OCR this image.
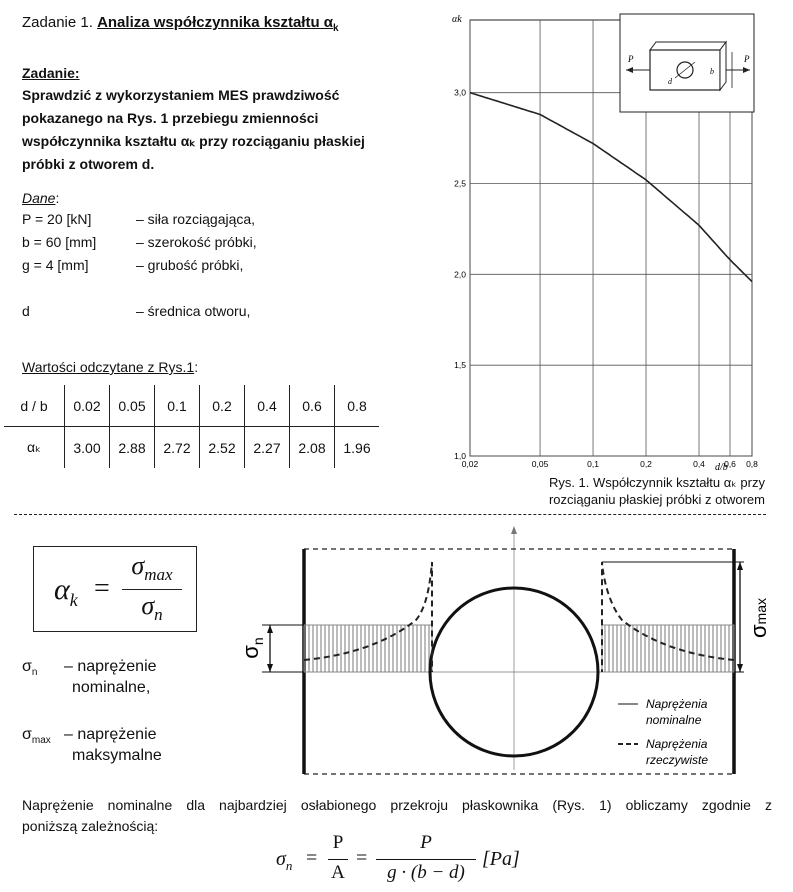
Zadanie 1. Analiza współczynnika kształtu $\alpha_k$
Zadanie:
Sprawdzić z wykorzystaniem MES prawdziwość
pokazanego na Rys. 1 przebiegu zmienności
współczynnika kształtu αₖ przy rozciąganiu płaskiej
próbki z otworem d.
Dane:
P = 20 [kN]	– siła rozciągająca,
b = 60 [mm]	– szerokość próbki,
g = 4 [mm]	– grubość próbki,
d	– średnica otworu,
Wartości odczytane z Rys.1:
d / b	0.02	0.05	0.1	0.2	0.4	0.6	0.8
αₖ	3.00	2.88	2.72	2.52	2.27	2.08	1.96
1,0
1,5
2,0
2,5
3,0
0,02	0,05	0,1	0,2	0,4 0,6 0,8
αk
d/b
P	P
d
b
Rys. 1. Współczynnik kształtu αₖ przy
rozciąganiu płaskiej próbki z otworem
$\alpha_k$ =
$\sigma_{max}$
$\sigma_n$
$\sigma_n$ – naprężenie
nominalne,
$\sigma_{max}$ – naprężenie
maksymalne
$\sigma_n$
σmax
Naprężenia
nominalne
Naprężenia
rzeczywiste
Naprężenie nominalne dla najbardziej osłabionego przekroju płaskownika (Rys. 1) obliczamy zgodnie z
poniższą zależnością:
$\sigma_n$ =
P
A
=
P
g · (b − d)
[Pa]
